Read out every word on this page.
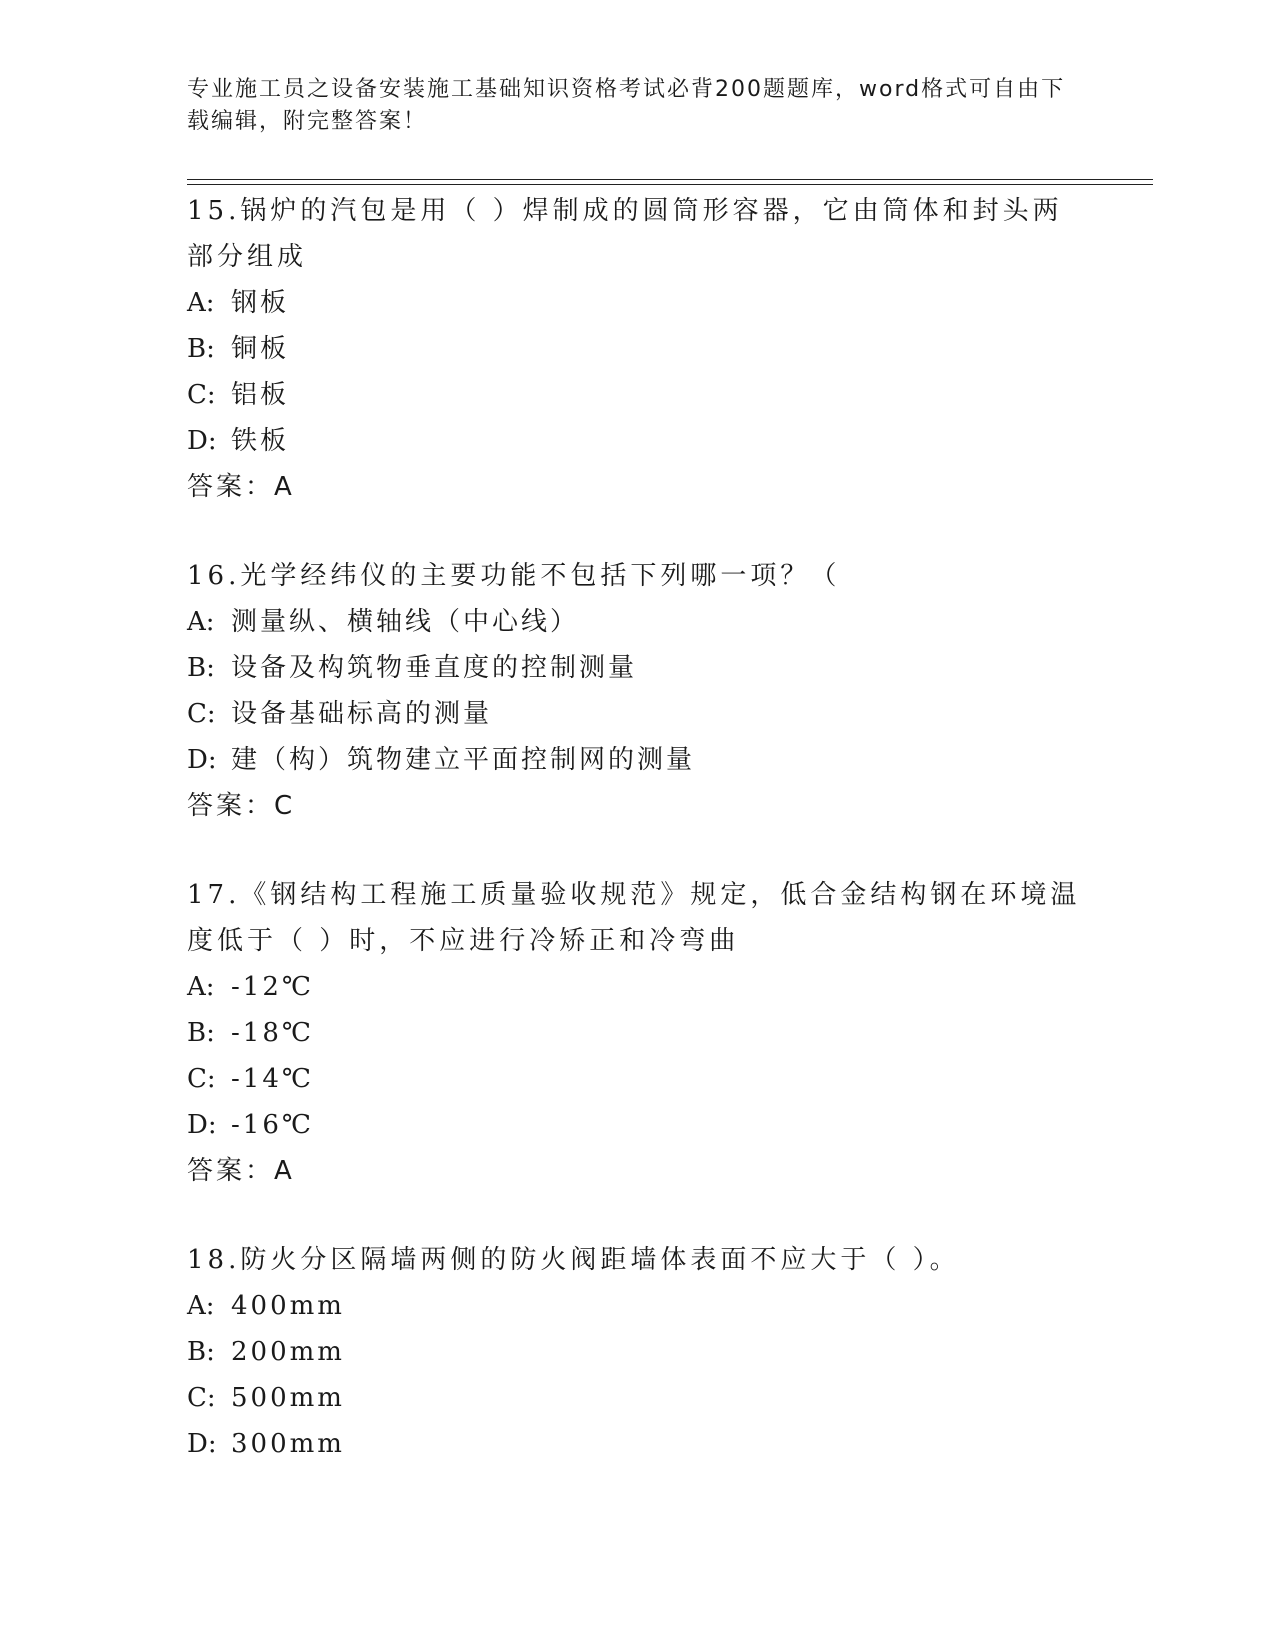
专业施工员之设备安装施工基础知识资格考试必背200题题库，word格式可自由下载编辑，附完整答案！

15.锅炉的汽包是用（ ）焊制成的圆筒形容器，它由筒体和封头两部分组成

A: 钢板

B: 铜板

C: 铝板

D: 铁板

答案：A

16.光学经纬仪的主要功能不包括下列哪一项？（

A: 测量纵、横轴线（中心线）

B: 设备及构筑物垂直度的控制测量

C: 设备基础标高的测量

D: 建（构）筑物建立平面控制网的测量

答案：C

17.《钢结构工程施工质量验收规范》规定，低合金结构钢在环境温度低于（ ）时，不应进行冷矫正和冷弯曲

A: -12℃

B: -18℃

C: -14℃

D: -16℃

答案：A

18.防火分区隔墙两侧的防火阀距墙体表面不应大于（ ）。

A: 400mm

B: 200mm

C: 500mm

D: 300mm
